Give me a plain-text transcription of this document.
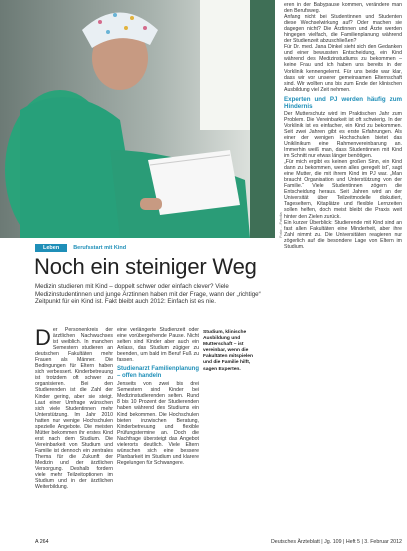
Foto: ...Fotolia

eren in der Babypause kommen, verändere man den Berufsweg.

Anfang nicht bei Studentinnen und Studenten diese Wechselwirkung auf? Oder machen sie dagegen nicht? Die Ärztinnen und Ärzte werden hingegen vielfach, die Familienplanung während der Studienzeit abzuschließen?

Für Dr. med. Jana Dinkel sieht sich den Gedanken und einer bewussten Entscheidung, ein Kind während des Medizinstudiums zu bekommen – keine Frau und ich haben uns bereits in der Vorklinik kennengelernt. Für uns beide war klar, dass wir vor unserer gemeinsamen Elternschaft sind. Wir wollten uns bis zum Ende der klinischen Ausbildung viel Zeit nehmen.

Experten und PJ werden häufig zum Hindernis

Der Mutterschutz wird im Praktischen Jahr zum Problem. Die Vereinbarkeit ist oft schwierig. In der Vorklinik ist es einfacher, ein Kind zu bekommen. Seit zwei Jahren gibt es erste Erfahrungen. Als einer der wenigen Hochschulen bietet das Uniklinikum eine Rahmenvereinbarung an. Immerhin weiß man, dass Studentinnen mit Kind im Schnitt nur etwas länger benötigen.

„Für mich ergibt es keinen großen Sinn, ein Kind dann zu bekommen, wenn alles geregelt ist“, sagt eine Mutter, die mit ihrem Kind im PJ war. „Man braucht Organisation und Unterstützung von der Familie.“ Viele Studentinnen zögern die Entscheidung heraus. Seit Jahren wird an der Universität über Teilzeitmodelle diskutiert, Tageseltern, Kitaplätze und flexible Lernzeiten sollen helfen, doch meist bleibt die Praxis weit hinter den Zielen zurück.

Ein kurzer Überblick: Studierende mit Kind sind an fast allen Fakultäten eine Minderheit, aber ihre Zahl nimmt zu. Die Universitäten reagieren nur zögerlich auf die besondere Lage von Eltern im Studium.

Leben	Berufsstart mit Kind
Noch ein steiniger Weg
Medizin studieren mit Kind – doppelt schwer oder einfach clever? Viele Medizinstudentinnen und junge Ärztinnen haben mit der Frage, wann der „richtige“ Zeitpunkt für ein Kind ist. Fakt bleibt auch 2012: Einfach ist es nie.
D er Personenkreis der ärztlichen Nachwuchses ist weiblich. In manchen Semestern studieren an deutschen Fakultäten mehr Frauen als Männer. Die Bedingungen für Eltern haben sich verbessert. Kinderbetreuung ist trotzdem oft schwer zu organisieren. Bei den Studierenden ist die Zahl der Kinder gering, aber sie steigt. Laut einer Umfrage wünschen sich viele Studentinnen mehr Unterstützung. Im Jahr 2010 hatten nur wenige Hochschulen spezielle Angebote. Die meisten Mütter bekommen ihr erstes Kind erst nach dem Studium. Die Vereinbarkeit von Studium und Familie ist dennoch ein zentrales Thema für die Zukunft der Medizin und der ärztlichen Versorgung. Deshalb fordern viele mehr Teilzeitoptionen im Studium und in der ärztlichen Weiterbildung.
eine verlängerte Studienzeit oder eine vorübergehende Pause. Nicht selten sind Kinder aber auch ein Anlass, das Studium zügiger zu beenden, um bald im Beruf Fuß zu fassen.
Studienarzt Familienplanung – offen handeln
Jenseits von zwei bis drei Semestern sind Kinder bei Medizinstudierenden selten. Rund 8 bis 10 Prozent der Studierenden haben während des Studiums ein Kind bekommen. Die Hochschulen bieten inzwischen Beratung, Kinderbetreuung und flexible Prüfungstermine an. Doch die Nachfrage übersteigt das Angebot vielerorts deutlich. Viele Eltern wünschen sich eine bessere Planbarkeit im Studium und klarere Regelungen für Schwangere.
Studium, klinische Ausbildung und Mutterschaft – ist vereinbar, wenn die Fakultäten mitspielen und die Familie hilft, sagen Experten.
A 264	Deutsches Ärzteblatt | Jg. 109 | Heft 5 | 3. Februar 2012
